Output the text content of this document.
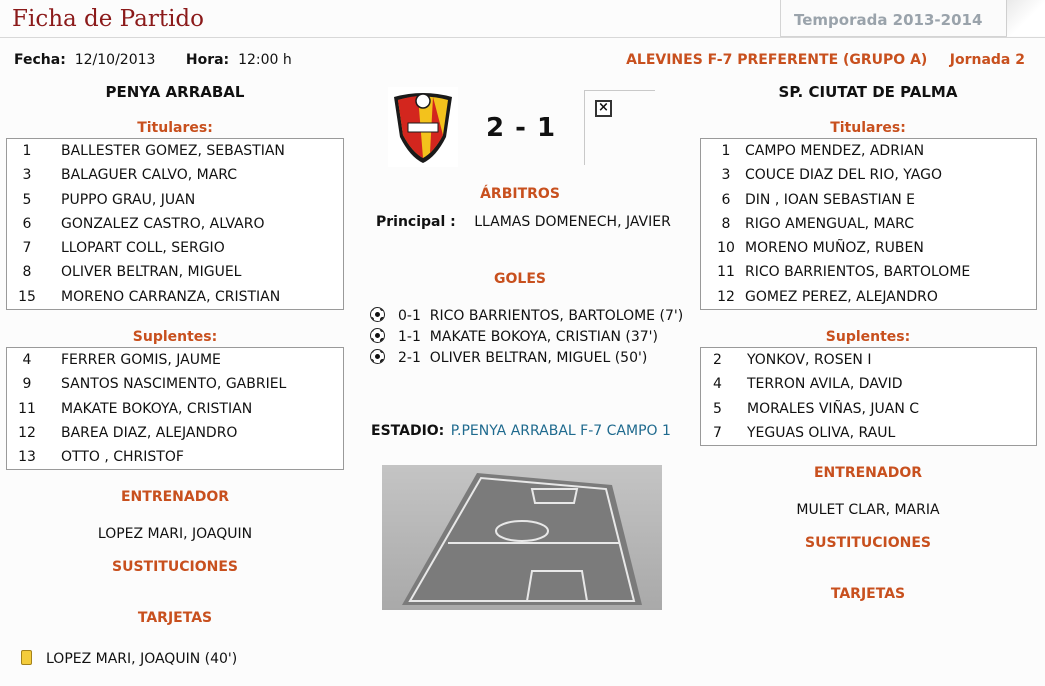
Ficha de Partido	Temporada 2013-2014
Fecha: 12/10/2013 Hora: 12:00 h	ALEVINES F-7 PREFERENTE (GRUPO A) Jornada 2
PENYA ARRABAL
Titulares:
1	BALLESTER GOMEZ, SEBASTIAN
3	BALAGUER CALVO, MARC
5	PUPPO GRAU, JUAN
6	GONZALEZ CASTRO, ALVARO
7	LLOPART COLL, SERGIO
8	OLIVER BELTRAN, MIGUEL
15	MORENO CARRANZA, CRISTIAN
Suplentes:
4	FERRER GOMIS, JAUME
9	SANTOS NASCIMENTO, GABRIEL
11	MAKATE BOKOYA, CRISTIAN
12	BAREA DIAZ, ALEJANDRO
13	OTTO , CHRISTOF
ENTRENADOR
LOPEZ MARI, JOAQUIN
SUSTITUCIONES
TARJETAS
LOPEZ MARI, JOAQUIN (40')
2 - 1
×
ÁRBITROS
Principal : LLAMAS DOMENECH, JAVIER
GOLES
0-1 RICO BARRIENTOS, BARTOLOME (7')
1-1 MAKATE BOKOYA, CRISTIAN (37')
2-1 OLIVER BELTRAN, MIGUEL (50')
ESTADIO: P.PENYA ARRABAL F-7 CAMPO 1
SP. CIUTAT DE PALMA
Titulares:
1	CAMPO MENDEZ, ADRIAN
3	COUCE DIAZ DEL RIO, YAGO
6	DIN , IOAN SEBASTIAN E
8	RIGO AMENGUAL, MARC
10 MORENO MUÑOZ, RUBEN
11 RICO BARRIENTOS, BARTOLOME
12 GOMEZ PEREZ, ALEJANDRO
Suplentes:
2 YONKOV, ROSEN I
4 TERRON AVILA, DAVID
5 MORALES VIÑAS, JUAN C
7 YEGUAS OLIVA, RAUL
ENTRENADOR
MULET CLAR, MARIA
SUSTITUCIONES
TARJETAS
